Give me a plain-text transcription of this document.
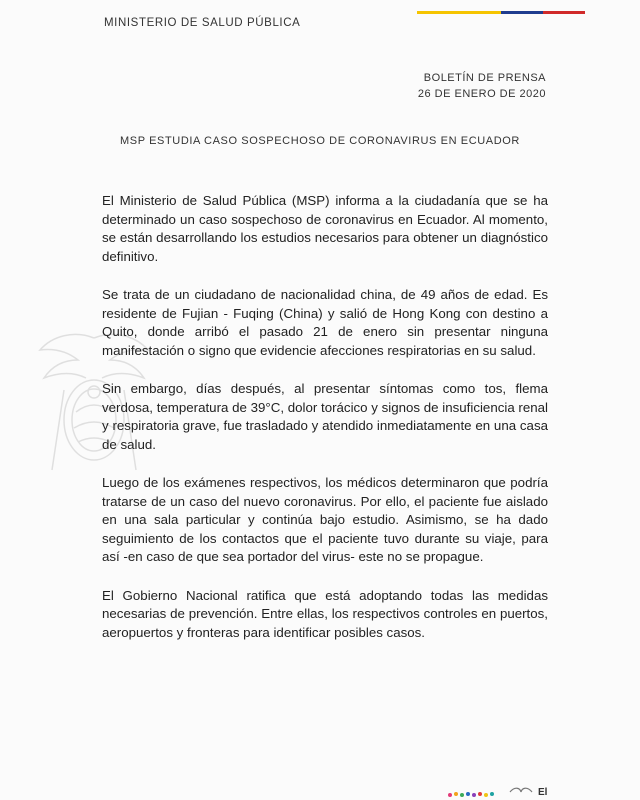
MINISTERIO DE SALUD PÚBLICA
BOLETÍN DE PRENSA
26 DE ENERO DE 2020
MSP ESTUDIA CASO SOSPECHOSO DE CORONAVIRUS EN ECUADOR

El Ministerio de Salud Pública (MSP) informa a la ciudadanía que se ha determinado un caso sospechoso de coronavirus en Ecuador. Al momento, se están desarrollando los estudios necesarios para obtener un diagnóstico definitivo.

Se trata de un ciudadano de nacionalidad china, de 49 años de edad. Es residente de Fujian - Fuqing (China) y salió de Hong Kong con destino a Quito, donde arribó el pasado 21 de enero sin presentar ninguna manifestación o signo que evidencie afecciones respiratorias en su salud.

Sin embargo, días después, al presentar síntomas como tos, flema verdosa, temperatura de 39°C, dolor torácico y signos de insuficiencia renal y respiratoria grave, fue trasladado y atendido inmediatamente en una casa de salud.

Luego de los exámenes respectivos, los médicos determinaron que podría tratarse de un caso del nuevo coronavirus. Por ello, el paciente fue aislado en una sala particular y continúa bajo estudio. Asimismo, se ha dado seguimiento de los contactos que el paciente tuvo durante su viaje, para así -en caso de que sea portador del virus- este no se propague.

El Gobierno Nacional ratifica que está adoptando todas las medidas necesarias de prevención. Entre ellas, los respectivos controles en puertos, aeropuertos y fronteras para identificar posibles casos.

El
